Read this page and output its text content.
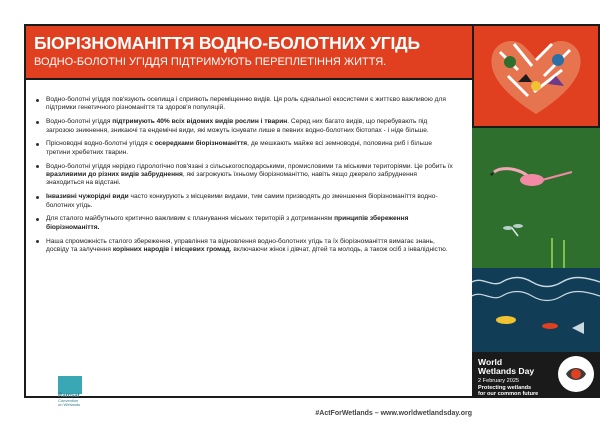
БІОРІЗНОМАНІТТЯ ВОДНО-БОЛОТНИХ УГІДЬ
ВОДНО-БОЛОТНІ УГІДДЯ ПІДТРИМУЮТЬ ПЕРЕПЛЕТІННЯ ЖИТТЯ.
World
Wetlands Day
2 February 2025
Protecting wetlands
for our common future
Ramsar
Convention
on Wetlands
#ActForWetlands – www.worldwetlandsday.org
Водно-болотні угіддя пов'язують оселища і сприяють переміщенню видів. Ця роль єднальної екосистеми є життєво важливою для підтримки генетичного різноманіття та здоров'я популяцій.
Водно-болотні угіддя підтримують 40% всіх відомих видів рослин і тварин. Серед них багато видів, що перебувають під загрозою зникнення, зникаючі та ендемічні види, які можуть існувати лише в певних водно-болотних біотопах - і ніде більше.
Прісноводні водно-болотні угіддя є осередками біорізноманіття, де мешкають майже всі земноводні, половина риб і більше третини хребетних тварин.
Водно-болотні угіддя нерідко гідрологічно пов'язані з сільськогосподарськими, промисловими та міськими територіями. Це робить їх вразливими до різних видів забруднення, які загрожують їхньому біорізноманіттю, навіть якщо джерело забруднення знаходиться на відстані.
Інвазивні чужорідні види часто конкурують з місцевими видами, тим самим призводять до зменшення біорізноманіття водно-болотних угідь.
Для сталого майбутнього критично важливим є планування міських територій з дотриманням принципів збереження біорізноманіття.
Наша спроможність сталого збереження, управління та відновлення водно-болотних угідь та їх біорізноманіття вимагає знань, досвіду та залучення корінних народів і місцевих громад, включаючи жінок і дівчат, дітей та молодь, а також осіб з інвалідністю.
